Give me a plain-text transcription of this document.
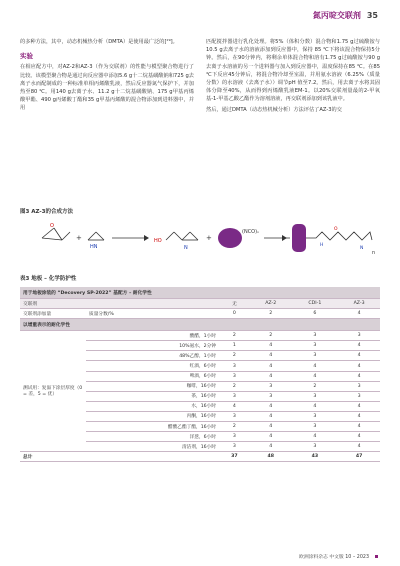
氮丙啶交联剂 35
的多种方法，其中，动态机械热分析（DMTA）是使用最广泛的[²⁹]。
实验
在相应配方中，对AZ-2和AZ-3（作为交联剂）的性能与模型聚合物进行了比较。该模型聚合物是通过向反应器中添加5.6 g十二烷基磺酸钠和725 g去离子水而配制成的一种标准单相丙烯酸乳液，然后反应器氮气保护下，并加热至80 ℃。用140 g去离子水、11.2 g十二烷基磺酸钠、175 g甲基丙烯酸甲酯、490 g丙烯酸丁酯和35 g甲基丙烯酸的混合物添加到进料器中，并用
匹配搅拌器进行乳化处理。将5%（体积分数）混合物和1.75 g过硫酸铵与10.5 g去离子水的溶液添加到反应器中，保持 85 ℃下将该混合物保持5分钟。然后，在90分钟内，将剩余单体混合物和溶有1.75 g过硫酸铵与90 g去离子水溶液的另一个进料器与加入到反应器中，温度保持在85 ℃。在85 ℃下反应45分钟后，将混合物冷却至室温，并用氨水溶液（6.25%（质量分数）的水溶液（去离子水））调节pH 值至7.2。然后，用去离子水将其固体分降至40%，从而得到丙烯酸乳液EM-1。以20%交联剂量最的2-甲氧基-1-甲基乙酸乙酯作为溶剂溶液，再交联剂添加到该乳液中。
然后，通过DMTA（动态热机械分析）方法评估了AZ-3的交
图3 AZ-3的合成方法
O
+
HN
HO
N
+
(NCO)ₙ
H
O
N
n
表3 地板 – 化学防护性
用于地板涂装的 “Decovery SP-2022” 基配方 – 耐化学性					
交联剂		无	AZ-2	CDI-1	AZ-3
交联剂添加量	质量分数/%	0	2	6	4
以增重表示的耐化学性					
测试用：复溢下涂层厚度（0 = 差，5 = 优）	酸醋，1小时	2	2	3	3
	10%氨水，2分钟	1	4	3	4
	48%乙醇，1小时	2	4	3	4
	红酒，6小时	3	4	4	4
	啤酒，6小时	3	4	4	4
	咖啡，16小时	2	3	2	3
	茶，16小时	3	3	3	3
	水，16小时	4	4	4	4
	丙酮，16小时	3	4	3	4
	醋酸乙酯丁酯，16小时	2	4	3	4
	洋葱，6小时	3	4	4	4
	清洁剂，16小时	3	4	3	4
总计		37	48	43	47
欧洲涂料杂志 中文版 10 – 2023
